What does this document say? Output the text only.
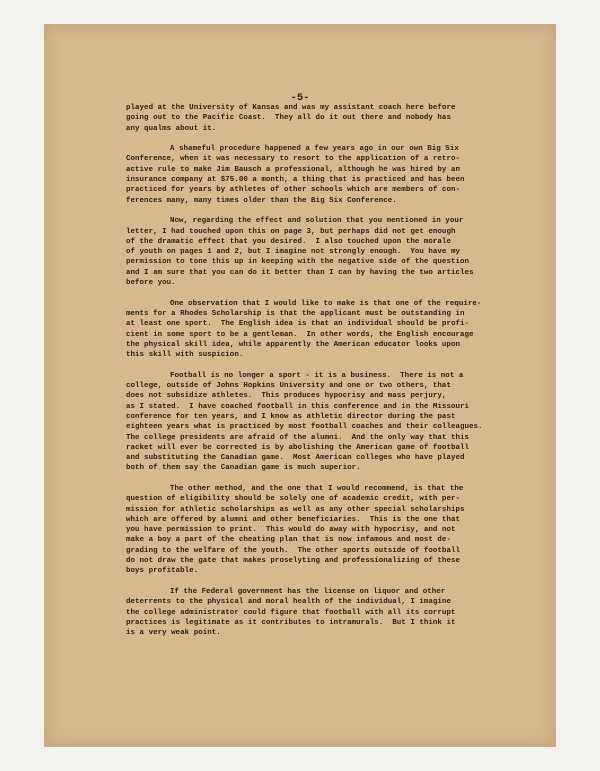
-5-
played at the University of Kansas and was my assistant coach here before
going out to the Pacific Coast.  They all do it out there and nobody has
any qualms about it.
A shameful procedure happened a few years ago in our own Big Six
Conference, when it was necessary to resort to the application of a retro-
active rule to make Jim Bausch a professional, although he was hired by an
insurance company at $75.00 a month, a thing that is practiced and has been
practiced for years by athletes of other schools which are members of con-
ferences many, many times older than the Big Six Conference.
Now, regarding the effect and solution that you mentioned in your
letter, I had touched upon this on page 3, but perhaps did not get enough
of the dramatic effect that you desired.  I also touched upon the morale
of youth on pages 1 and 2, but I imagine not strongly enough.  You have my
permission to tone this up in keeping with the negative side of the question
and I am sure that you can do it better than I can by having the two articles
before you.
One observation that I would like to make is that one of the require-
ments for a Rhodes Scholarship is that the applicant must be outstanding in
at least one sport.  The English idea is that an individual should be profi-
cient in some sport to be a gentleman.  In other words, the English encourage
the physical skill idea, while apparently the American educator looks upon
this skill with suspicion.
Football is no longer a sport - it is a business.  There is not a
college, outside of Johns Hopkins University and one or two others, that
does not subsidize athletes.  This produces hypocrisy and mass perjury,
as I stated.  I have coached football in this conference and in the Missouri
conference for ten years, and I know as athletic director during the past
eighteen years what is practiced by most football coaches and their colleagues.
The college presidents are afraid of the alumni.  And the only way that this
racket will ever be corrected is by abolishing the American game of football
and substituting the Canadian game.  Most American colleges who have played
both of them say the Canadian game is much superior.
The other method, and the one that I would recommend, is that the
question of eligibility should be solely one of academic credit, with per-
mission for athletic scholarships as well as any other special scholarships
which are offered by alumni and other beneficiaries.  This is the one that
you have permission to print.  This would do away with hypocrisy, and not
make a boy a part of the cheating plan that is now infamous and most de-
grading to the welfare of the youth.  The other sports outside of football
do not draw the gate that makes proselyting and professionalizing of these
boys profitable.
If the Federal government has the license on liquor and other
deterrents to the physical and moral health of the individual, I imagine
the college administrator could figure that football with all its corrupt
practices is legitimate as it contributes to intramurals.  But I think it
is a very weak point.
